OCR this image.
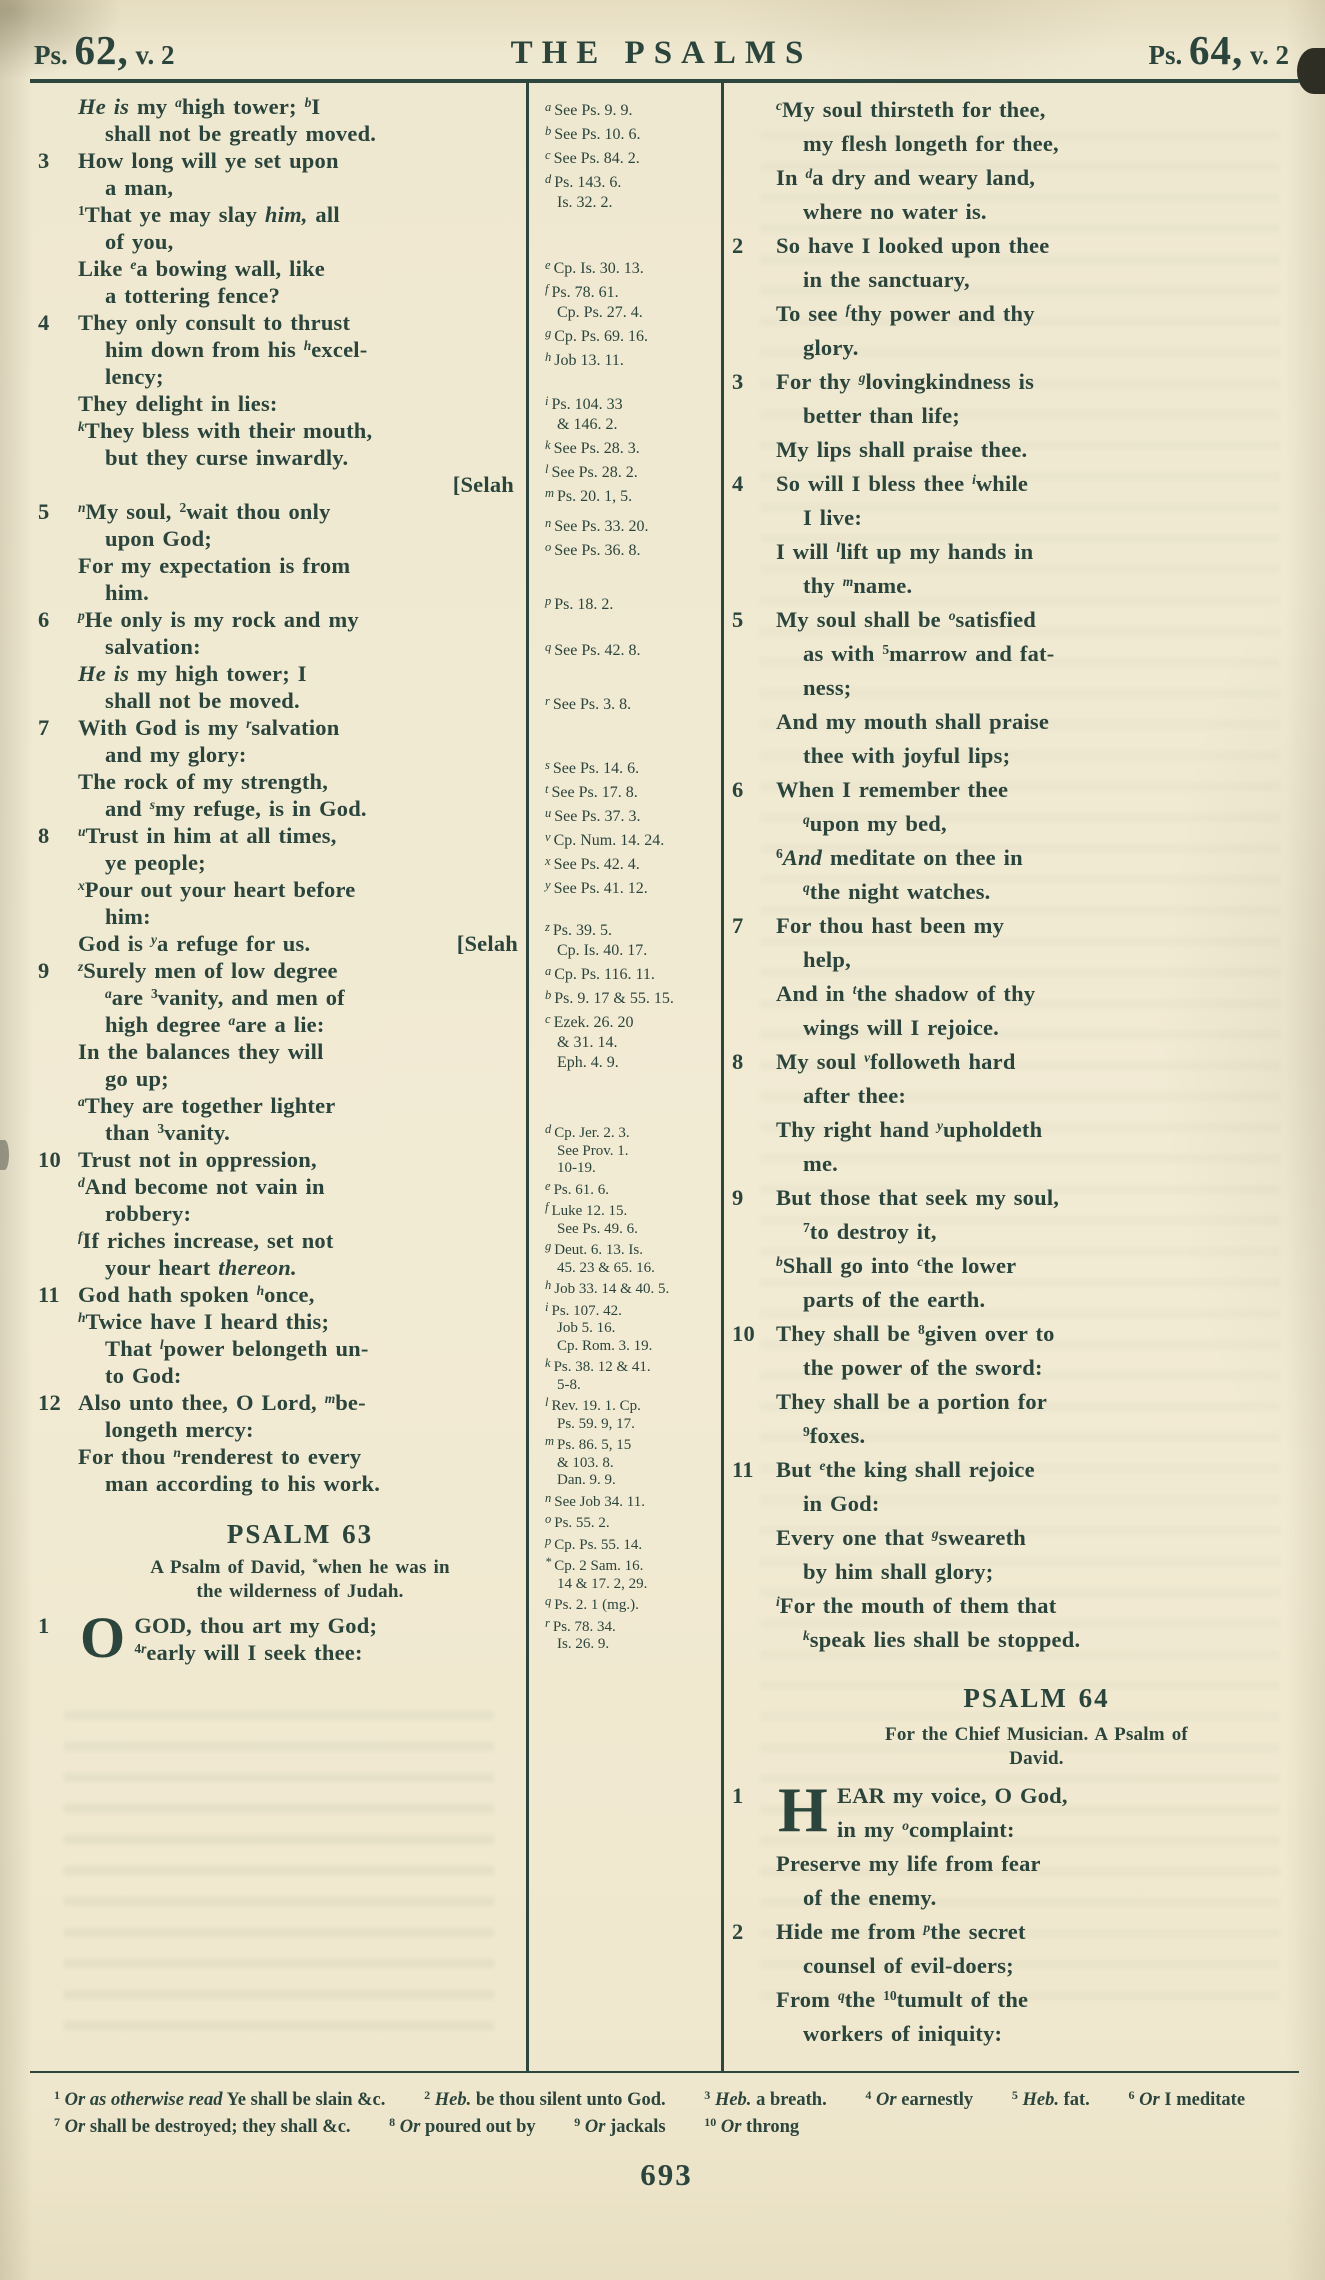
Ps. 62, v. 2	THE PSALMS	Ps. 64, v. 2
He is my $^a$high tower; $^b$I
shall not be greatly moved.
3	How long will ye set upon
a man,
$^1$That ye may slay him, all
of you,
Like $^e$a bowing wall, like
a tottering fence?
4	They only consult to thrust
him down from his $^h$excel-
lency;
They delight in lies:
$^k$They bless with their mouth,
but they curse inwardly.
[Selah
5	$^n$My soul, $^2$wait thou only
upon God;
For my expectation is from
him.
6	$^p$He only is my rock and my
salvation:
He is my high tower; I
shall not be moved.
7	With God is my $^r$salvation
and my glory:
The rock of my strength,
and $^s$my refuge, is in God.
8	$^u$Trust in him at all times,
ye people;
$^x$Pour out your heart before
him:
God is $^y$a refuge for us.	[Selah
9	$^z$Surely men of low degree
$^a$are $^3$vanity, and men of
high degree $^a$are a lie:
In the balances they will
go up;
$^a$They are together lighter
than $^3$vanity.
10 Trust not in oppression,
$^d$And become not vain in
robbery:
$^f$If riches increase, set not
your heart thereon.
11 God hath spoken $^h$once,
$^h$Twice have I heard this;
That $^l$power belongeth un-
to God:
12 Also unto thee, O Lord, $^m$be-
longeth mercy:
For thou $^n$renderest to every
man according to his work.
PSALM 63
A Psalm of David, *when he was in the wilderness of Judah.
1 O GOD, thou art my God;
$^{4r}$early will I seek thee:
$^a$ See Ps. 9. 9.
$^b$ See Ps. 10. 6.
$^c$ See Ps. 84. 2.
$^d$ Ps. 143. 6.
Is. 32. 2.
$^e$ Cp. Is. 30. 13.
$^f$ Ps. 78. 61.
Cp. Ps. 27. 4.
$^g$ Cp. Ps. 69. 16.
$^h$ Job 13. 11.
$^i$ Ps. 104. 33
& 146. 2.
$^k$ See Ps. 28. 3.
$^l$ See Ps. 28. 2.
$^m$ Ps. 20. 1, 5.
$^n$ See Ps. 33. 20.
$^o$ See Ps. 36. 8.
$^p$ Ps. 18. 2.
$^q$ See Ps. 42. 8.
$^r$ See Ps. 3. 8.
$^s$ See Ps. 14. 6.
$^t$ See Ps. 17. 8.
$^u$ See Ps. 37. 3.
$^v$ Cp. Num. 14. 24.
$^x$ See Ps. 42. 4.
$^y$ See Ps. 41. 12.
$^z$ Ps. 39. 5.
Cp. Is. 40. 17.
$^a$ Cp. Ps. 116. 11.
$^b$ Ps. 9. 17 & 55. 15.
$^c$ Ezek. 26. 20
& 31. 14.
Eph. 4. 9.
$^d$ Cp. Jer. 2. 3.
See Prov. 1.
10-19.
$^e$ Ps. 61. 6.
$^f$ Luke 12. 15.
See Ps. 49. 6.
$^g$ Deut. 6. 13. Is.
45. 23 & 65. 16.
$^h$ Job 33. 14 & 40. 5.
$^i$ Ps. 107. 42.
Job 5. 16.
Cp. Rom. 3. 19.
$^k$ Ps. 38. 12 & 41.
5-8.
$^l$ Rev. 19. 1. Cp.
Ps. 59. 9, 17.
$^m$ Ps. 86. 5, 15
& 103. 8.
Dan. 9. 9.
$^n$ See Job 34. 11.
$^o$ Ps. 55. 2.
$^p$ Cp. Ps. 55. 14.
* Cp. 2 Sam. 16.
14 & 17. 2, 29.
$^q$ Ps. 2. 1 (mg.).
$^r$ Ps. 78. 34.
Is. 26. 9.
$^c$My soul thirsteth for thee,
my flesh longeth for thee,
In $^d$a dry and weary land,
where no water is.
2	So have I looked upon thee
in the sanctuary,
To see $^f$thy power and thy
glory.
3	For thy $^g$lovingkindness is
better than life;
My lips shall praise thee.
4	So will I bless thee $^i$while
I live:
I will $^l$lift up my hands in
thy $^m$name.
5	My soul shall be $^o$satisfied
as with $^5$marrow and fat-
ness;
And my mouth shall praise
thee with joyful lips;
6	When I remember thee
$^q$upon my bed,
$^6$And meditate on thee in
$^q$the night watches.
7	For thou hast been my
help,
And in $^t$the shadow of thy
wings will I rejoice.
8	My soul $^v$followeth hard
after thee:
Thy right hand $^y$upholdeth
me.
9	But those that seek my soul,
$^7$to destroy it,
$^b$Shall go into $^c$the lower
parts of the earth.
10 They shall be $^8$given over to
the power of the sword:
They shall be a portion for
$^9$foxes.
11 But $^e$the king shall rejoice
in God:
Every one that $^g$sweareth
by him shall glory;
$^i$For the mouth of them that
$^k$speak lies shall be stopped.
PSALM 64
For the Chief Musician. A Psalm of David.
1 H EAR my voice, O God,
in my $^o$complaint:
Preserve my life from fear
of the enemy.
2	Hide me from $^p$the secret
counsel of evil-doers;
From $^q$the $^{10}$tumult of the
workers of iniquity:
$^1$ Or as otherwise read Ye shall be slain &c.	$^2$ Heb. be thou silent unto God.	$^3$ Heb. a breath.	$^4$ Or earnestly	$^5$ Heb. fat.	$^6$ Or I meditate $^7$ Or shall be destroyed; they shall &c.	$^8$ Or poured out by	$^9$ Or jackals	$^{10}$ Or throng
693
